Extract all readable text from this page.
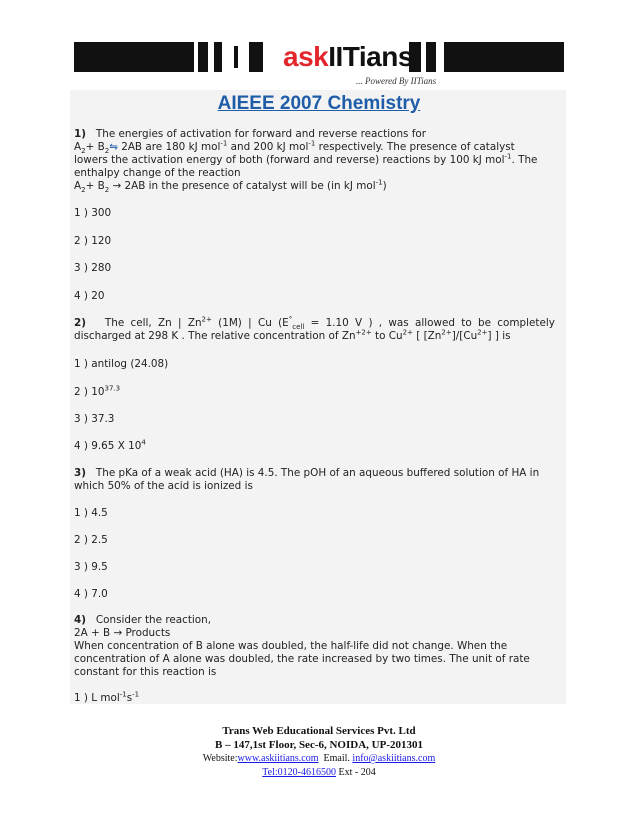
askIITians
... Powered By IITians
AIEEE 2007 Chemistry
1) The energies of activation for forward and reverse reactions for
$A_2+$ $B_2⇋$ 2AB are 180 kJ mol$^{-1}$ and 200 kJ mol$^{-1}$ respectively. The presence of catalyst
lowers the activation energy of both (forward and reverse) reactions by 100 kJ mol$^{-1}$. The
enthalpy change of the reaction
$A_2+ B_2 \to 2AB$ in the presence of catalyst will be (in kJ mol$^{-1}$)
1 ) 300
2 ) 120
3 ) 280
4 ) 20
2) The cell, Zn | $Zn^{2+}$ (1M) | Cu ($E^\circ_{cell} = 1.10$ V ) , was allowed to be completely
discharged at 298 K . The relative concentration of $Zn^{+2+}$ to $Cu^{2+}$ [ $[Zn^{2+}]/[Cu^{2+}]$ ] is
1 ) antilog (24.08)
2 ) $10^{37.3}$
3 ) 37.3
4 ) 9.65 X $10^4$
3) The pKa of a weak acid (HA) is 4.5. The pOH of an aqueous buffered solution of HA in
which 50% of the acid is ionized is
1 ) 4.5
2 ) 2.5
3 ) 9.5
4 ) 7.0
4) Consider the reaction,
2A + B → Products
When concentration of B alone was doubled, the half-life did not change. When the
concentration of A alone was doubled, the rate increased by two times. The unit of rate
constant for this reaction is
1 ) L $mol^{-1}s^{-1}$
Trans Web Educational Services Pvt. Ltd
B – 147,1st Floor, Sec-6, NOIDA, UP-201301
Website:www.askiitians.com  Email. info@askiitians.com
Tel:0120-4616500 Ext - 204
